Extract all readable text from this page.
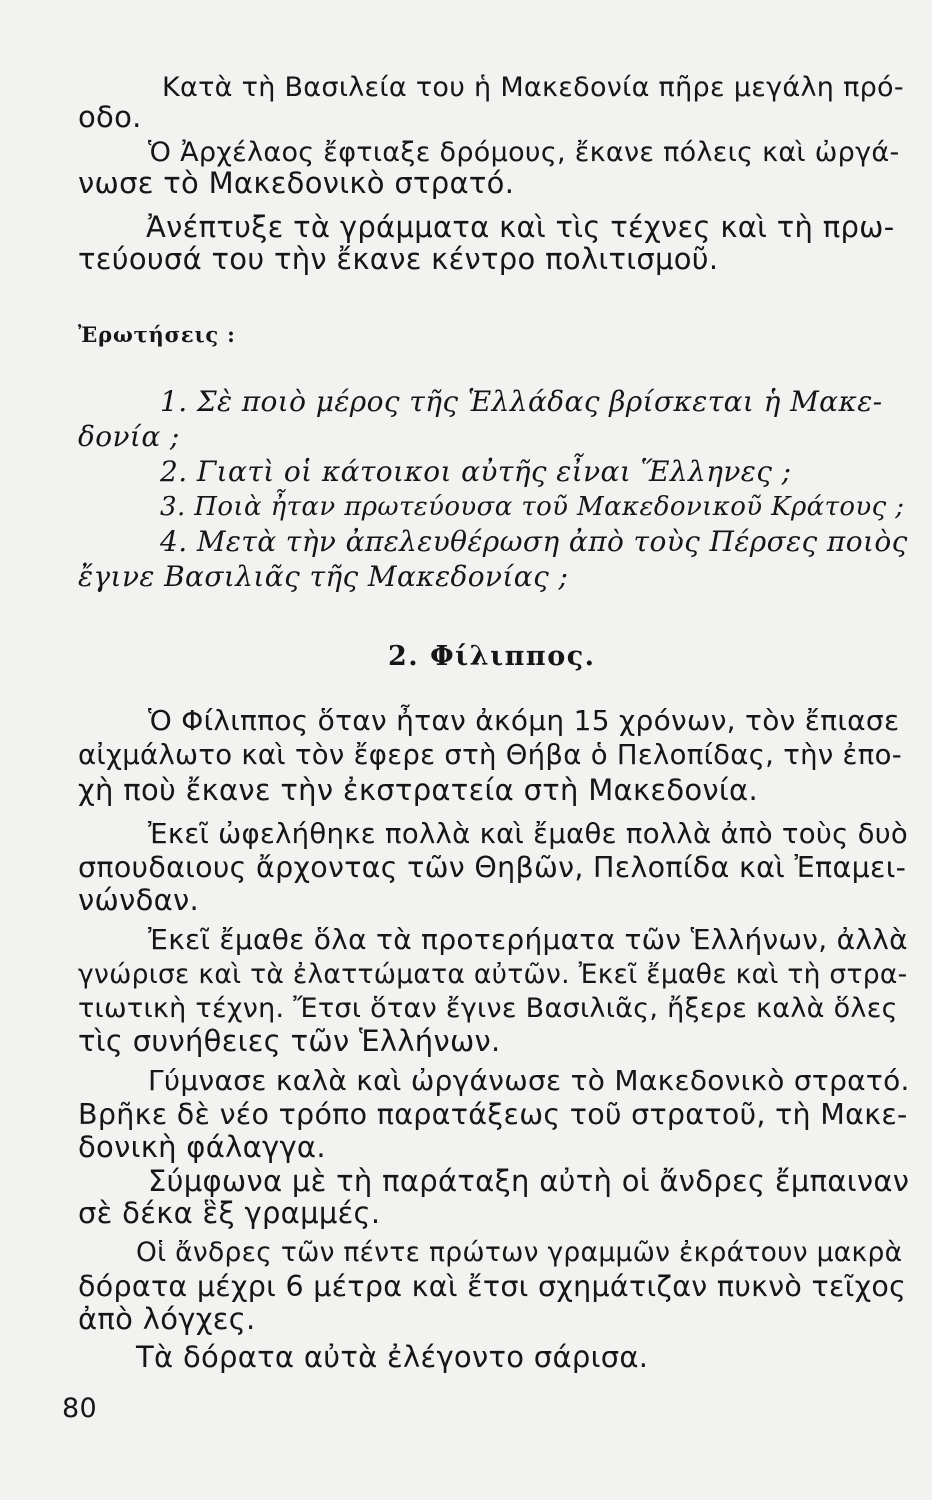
Κατὰ τὴ Βασιλεία του ἡ Μακεδονία πῆρε μεγάλη πρό-
οδο.
Ὁ Ἀρχέλαος ἔφτιαξε δρόμους, ἔκανε πόλεις καὶ ὠργά-
νωσε τὸ Μακεδονικὸ στρατό.
Ἀνέπτυξε τὰ γράμματα καὶ τὶς τέχνες καὶ τὴ πρω-
τεύουσά του τὴν ἔκανε κέντρο πολιτισμοῦ.
Ἐρωτήσεις :
1. Σὲ ποιὸ μέρος τῆς Ἑλλάδας βρίσκεται ἡ Μακε-
δονία ;
2. Γιατὶ οἱ κάτοικοι αὐτῆς εἶναι Ἕλληνες ;
3. Ποιὰ ἦταν πρωτεύουσα τοῦ Μακεδονικοῦ Κράτους ;
4. Μετὰ τὴν ἀπελευθέρωση ἀπὸ τοὺς Πέρσες ποιὸς
ἔγινε Βασιλιᾶς τῆς Μακεδονίας ;
2. Φίλιππος.
Ὁ Φίλιππος ὅταν ἦταν ἀκόμη 15 χρόνων, τὸν ἔπιασε
αἰχμάλωτο καὶ τὸν ἔφερε στὴ Θήβα ὁ Πελοπίδας, τὴν ἐπο-
χὴ ποὺ ἔκανε τὴν ἐκστρατεία στὴ Μακεδονία.
Ἐκεῖ ὠφελήθηκε πολλὰ καὶ ἔμαθε πολλὰ ἀπὸ τοὺς δυὸ
σπουδαιους ἄρχοντας τῶν Θηβῶν, Πελοπίδα καὶ Ἐπαμει-
νώνδαν.
Ἐκεῖ ἔμαθε ὅλα τὰ προτερήματα τῶν Ἑλλήνων, ἀλλὰ
γνώρισε καὶ τὰ ἐλαττώματα αὐτῶν. Ἐκεῖ ἔμαθε καὶ τὴ στρα-
τιωτικὴ τέχνη. Ἔτσι ὅταν ἔγινε Βασιλιᾶς, ἤξερε καλὰ ὅλες
τὶς συνήθειες τῶν Ἑλλήνων.
Γύμνασε καλὰ καὶ ὠργάνωσε τὸ Μακεδονικὸ στρατό.
Βρῆκε δὲ νέο τρόπο παρατάξεως τοῦ στρατοῦ, τὴ Μακε-
δονικὴ φάλαγγα.
Σύμφωνα μὲ τὴ παράταξη αὐτὴ οἱ ἄνδρες ἔμπαιναν
σὲ δέκα ἓξ γραμμές.
Οἱ ἄνδρες τῶν πέντε πρώτων γραμμῶν ἐκράτουν μακρὰ
δόρατα μέχρι 6 μέτρα καὶ ἔτσι σχημάτιζαν πυκνὸ τεῖχος
ἀπὸ λόγχες.
Τὰ δόρατα αὐτὰ ἐλέγοντο σάρισα.
80
